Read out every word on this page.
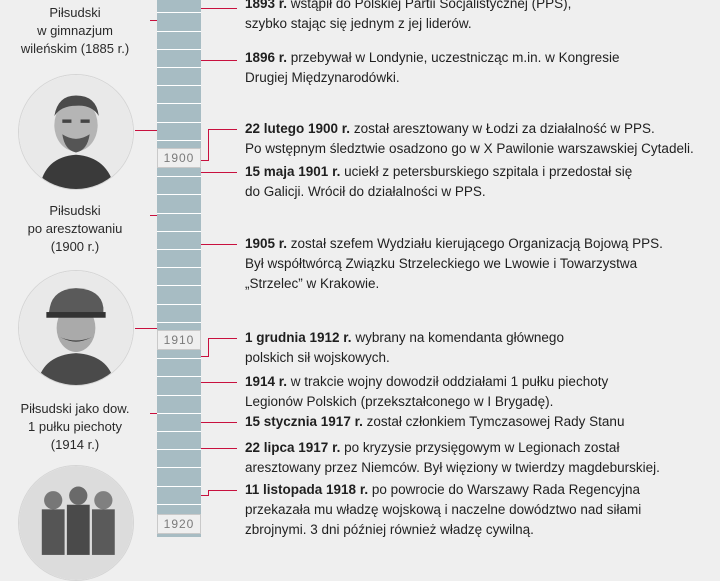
1900
1910
1920
Piłsudski
w gimnazjum
wileńskim (1885 r.)
Piłsudski
po aresztowaniu
(1900 r.)
Piłsudski jako dow.
1 pułku piechoty
(1914 r.)
1893 r. wstąpił do Polskiej Partii Socjalistycznej (PPS),
szybko stając się jednym z jej liderów.
1896 r. przebywał w Londynie, uczestnicząc m.in. w Kongresie
Drugiej Międzynarodówki.
22 lutego 1900 r. został aresztowany w Łodzi za działalność w PPS.
Po wstępnym śledztwie osadzono go w X Pawilonie warszawskiej Cytadeli.
15 maja 1901 r. uciekł z petersburskiego szpitala i przedostał się
do Galicji. Wrócił do działalności w PPS.
1905 r. został szefem Wydziału kierującego Organizacją Bojową PPS.
Był współtwórcą Związku Strzeleckiego we Lwowie i Towarzystwa
„Strzelec” w Krakowie.
1 grudnia 1912 r. wybrany na komendanta głównego
polskich sił wojskowych.
1914 r. w trakcie wojny dowodził oddziałami 1 pułku piechoty
Legionów Polskich (przekształconego w I Brygadę).
15 stycznia 1917 r. został członkiem Tymczasowej Rady Stanu
22 lipca 1917 r. po kryzysie przysięgowym w Legionach został
aresztowany przez Niemców. Był więziony w twierdzy magdeburskiej.
11 listopada 1918 r. po powrocie do Warszawy Rada Regencyjna
przekazała mu władzę wojskową i naczelne dowództwo nad siłami
zbrojnymi. 3 dni później również władzę cywilną.
